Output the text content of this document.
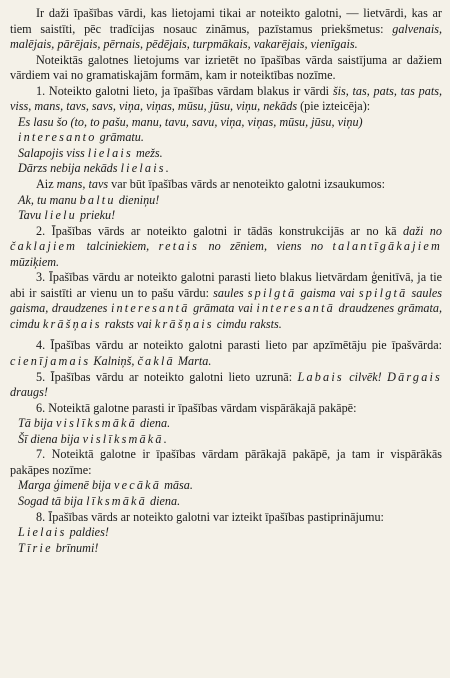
Ir daži īpašības vārdi, kas lietojami tikai ar noteikto galotni, — lietvārdi, kas ar tiem saistīti, pēc tradīcijas nosauc zināmus, pazīstamus priekšmetus: galvenais, malējais, pārējais, pērnais, pēdējais, turpmākais, vakarējais, vienīgais.

Noteiktās galotnes lietojums var izrietēt no īpašības vārda saistījuma ar dažiem vārdiem vai no gramatiskajām formām, kam ir noteiktības nozīme.

1. Noteikto galotni lieto, ja īpašības vārdam blakus ir vārdi šis, tas, pats, tas pats, viss, mans, tavs, savs, viņa, viņas, mūsu, jūsu, viņu, nekāds (pie izteicēja):

Es lasu šo (to, to pašu, manu, tavu, savu, viņa, viņas, mūsu, jūsu, viņu) interesanto grāmatu.

Salapojis viss lielais mežs.

Dārzs nebija nekāds lielais.

Aiz mans, tavs var būt īpašības vārds ar nenoteikto galotni izsaukumos:

Ak, tu manu baltu dieniņu!

Tavu lielu prieku!

2. Īpašības vārds ar noteikto galotni ir tādās konstrukcijās ar no kā daži no čaklajiem talciniekiem, retais no zēniem, viens no talantīgākajiem mūziķiem.

3. Īpašības vārdu ar noteikto galotni parasti lieto blakus lietvārdam ģenitīvā, ja tie abi ir saistīti ar vienu un to pašu vārdu: saules spilgtā gaisma vai spilgtā saules gaisma, draudzenes interesantā grāmata vai interesantā draudzenes grāmata, cimdu krāšņais raksts vai krāšņais cimdu raksts.

4. Īpašības vārdu ar noteikto galotni parasti lieto par apzīmētāju pie īpašvārda: cienījamais Kalniņš, čaklā Marta.

5. Īpašības vārdu ar noteikto galotni lieto uzrunā: Labais cilvēk! Dārgais draugs!

6. Noteiktā galotne parasti ir īpašības vārdam vispārākajā pakāpē:

Tā bija vislīksmākā diena.

Šī diena bija vislīksmākā.

7. Noteiktā galotne ir īpašības vārdam pārākajā pakāpē, ja tam ir vispārākās pakāpes nozīme:

Marga ģimenē bija vecākā māsa.

Sogad tā bija līksmākā diena.

8. Īpašības vārds ar noteikto galotni var izteikt īpašības pastiprinājumu:

Lielais paldies!

Tīrie brīnumi!
